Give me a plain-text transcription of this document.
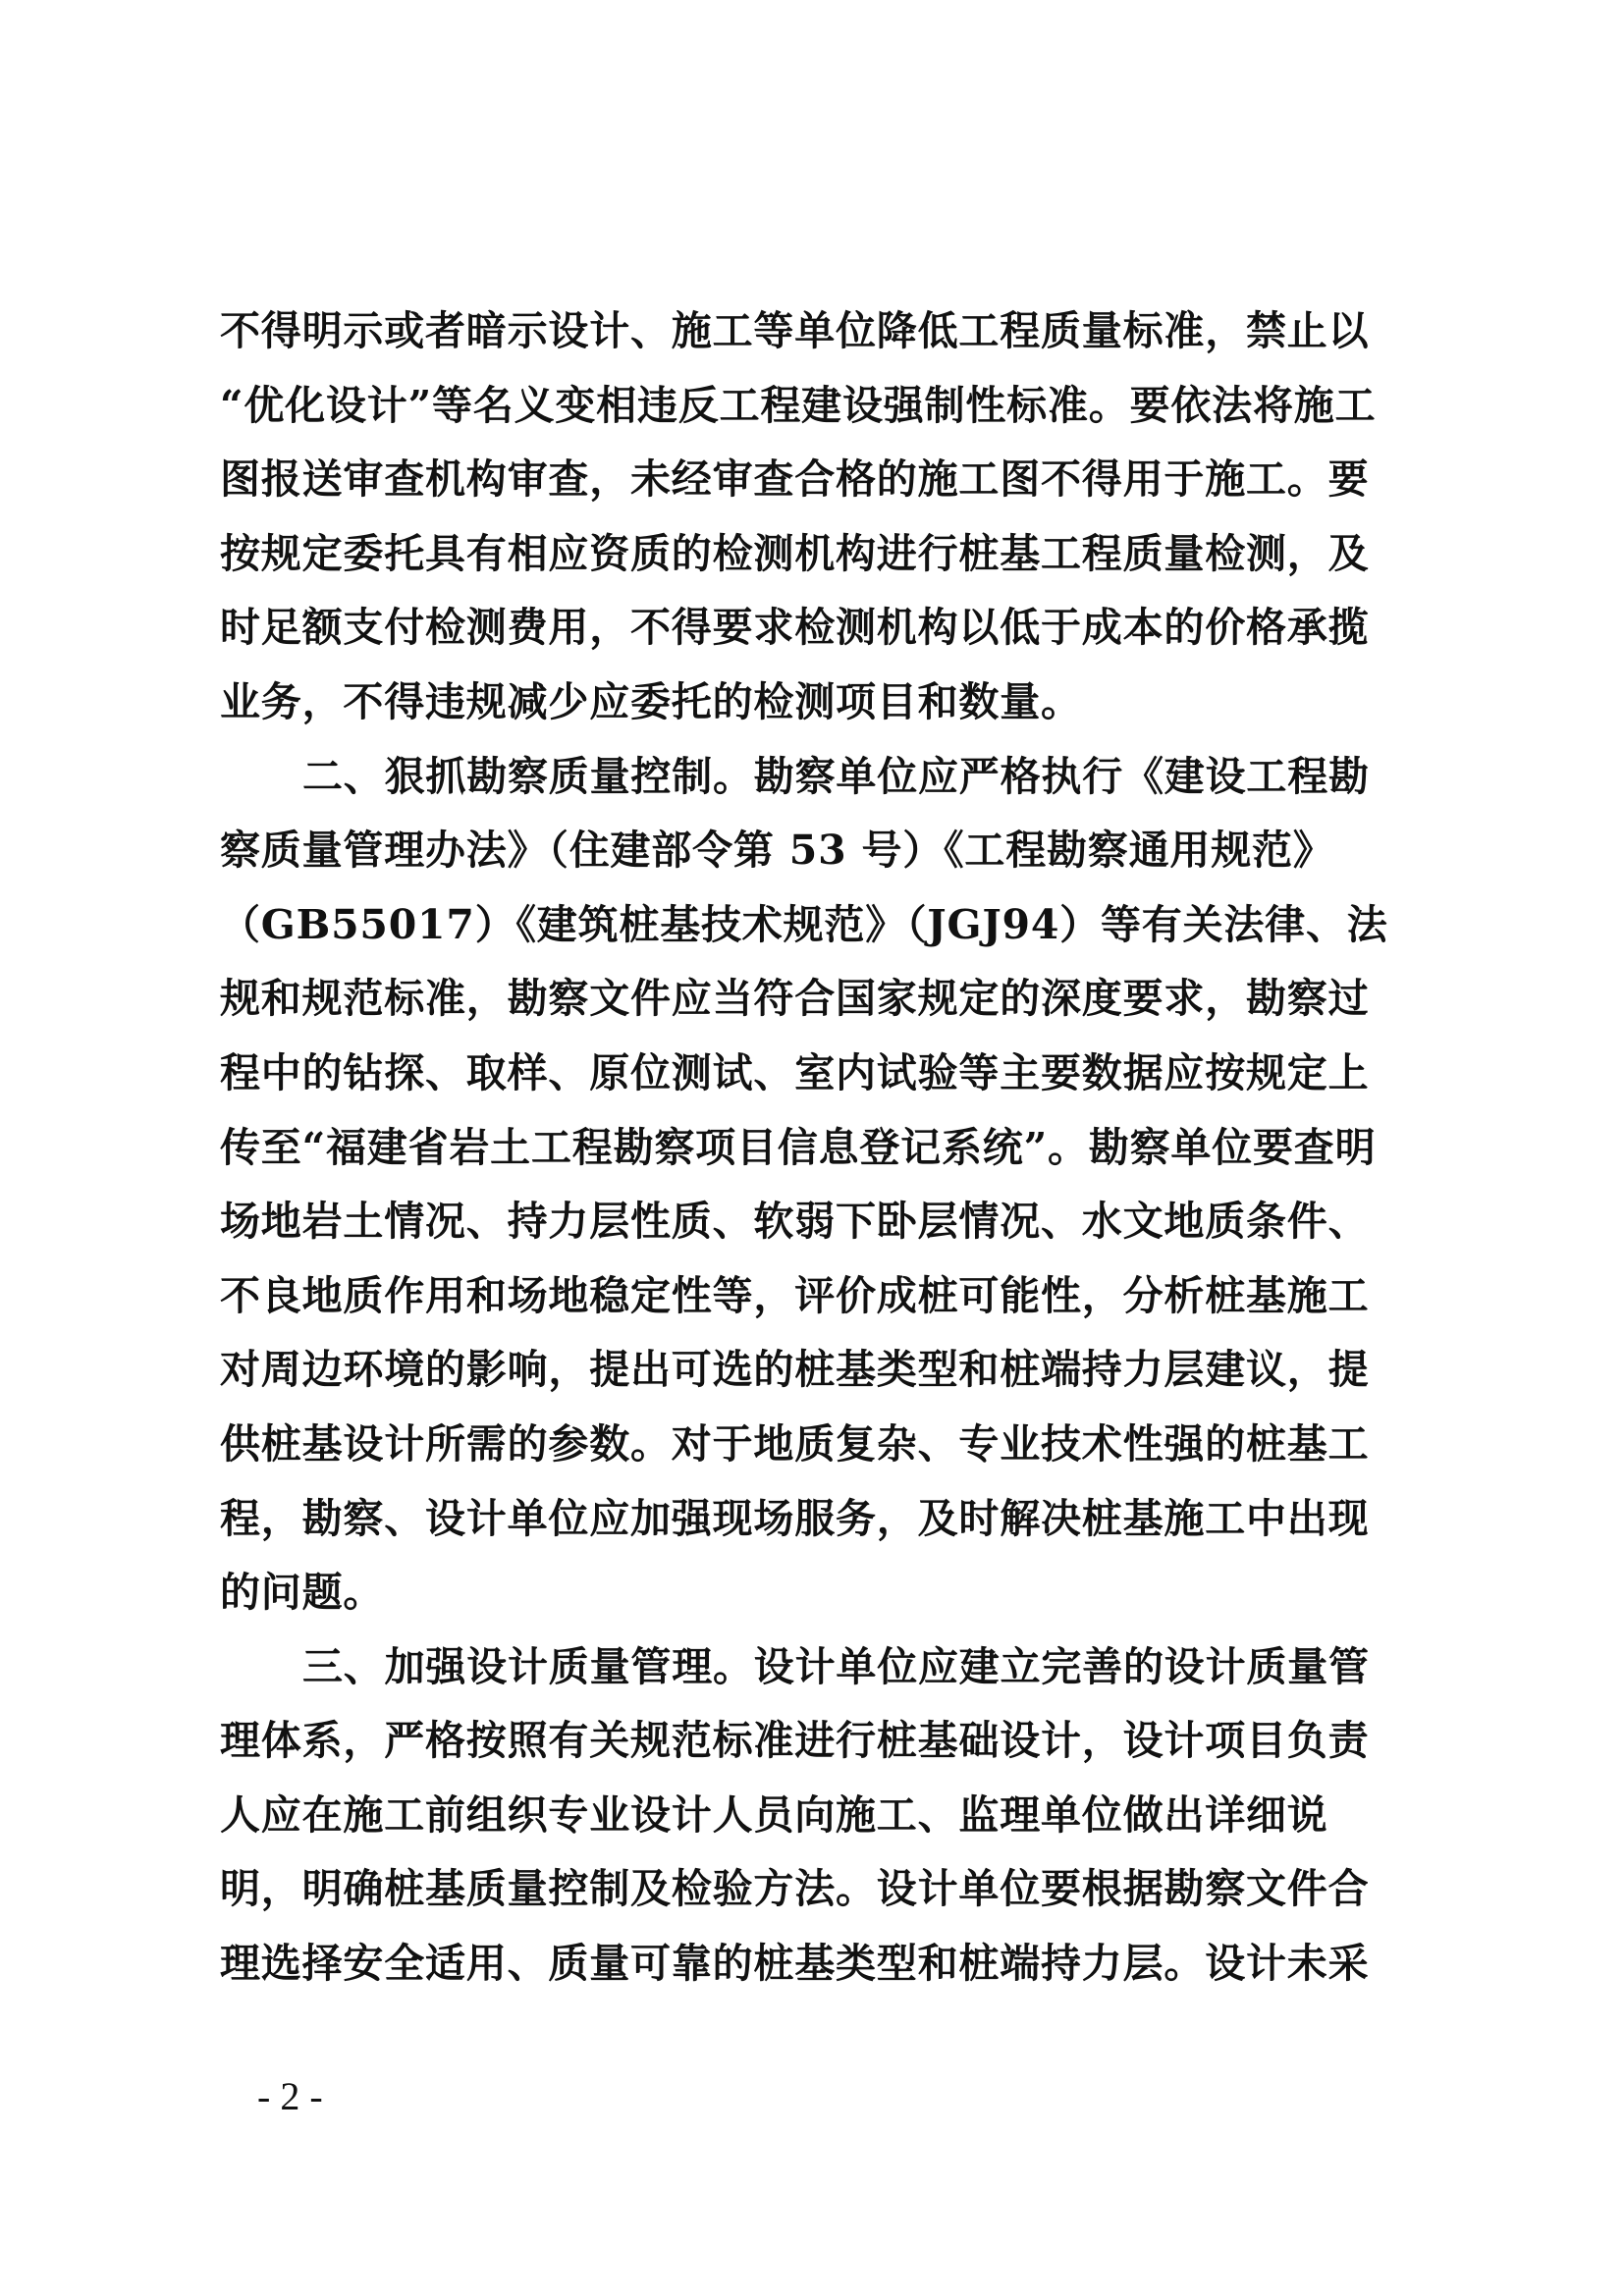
不得明示或者暗示设计、施工等单位降低工程质量标准，禁止以
“优化设计”等名义变相违反工程建设强制性标准。要依法将施工
图报送审查机构审查，未经审查合格的施工图不得用于施工。要
按规定委托具有相应资质的检测机构进行桩基工程质量检测，及
时足额支付检测费用，不得要求检测机构以低于成本的价格承揽
业务，不得违规减少应委托的检测项目和数量。
二、狠抓勘察质量控制。勘察单位应严格执行《建设工程勘
察质量管理办法》（住建部令第 53 号）《工程勘察通用规范》
（GB55017）《建筑桩基技术规范》（JGJ94）等有关法律、法
规和规范标准，勘察文件应当符合国家规定的深度要求，勘察过
程中的钻探、取样、原位测试、室内试验等主要数据应按规定上
传至“福建省岩土工程勘察项目信息登记系统”。勘察单位要查明
场地岩土情况、持力层性质、软弱下卧层情况、水文地质条件、
不良地质作用和场地稳定性等，评价成桩可能性，分析桩基施工
对周边环境的影响，提出可选的桩基类型和桩端持力层建议，提
供桩基设计所需的参数。对于地质复杂、专业技术性强的桩基工
程，勘察、设计单位应加强现场服务，及时解决桩基施工中出现
的问题。
三、加强设计质量管理。设计单位应建立完善的设计质量管
理体系，严格按照有关规范标准进行桩基础设计，设计项目负责
人应在施工前组织专业设计人员向施工、监理单位做出详细说
明，明确桩基质量控制及检验方法。设计单位要根据勘察文件合
理选择安全适用、质量可靠的桩基类型和桩端持力层。设计未采
- 2 -
